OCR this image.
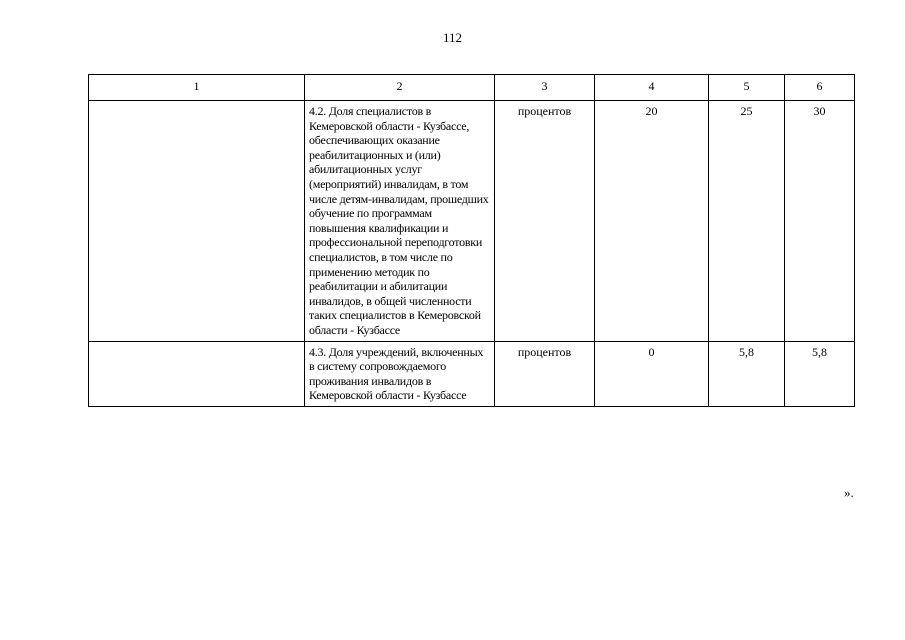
112
1	2	3	4	5	6
	4.2. Доля специалистов в Кемеровской области - Кузбассе, обеспечивающих оказание реабилитационных и (или) абилитационных услуг (мероприятий) инвалидам, в том числе детям-инвалидам, прошедших обучение по программам повышения квалификации и профессиональной переподготовки специалистов, в том числе по применению методик по реабилитации и абилитации инвалидов, в общей численности таких специалистов в Кемеровской области - Кузбассе	процентов	20	25	30
	4.3. Доля учреждений, включенных в систему сопровождаемого проживания инвалидов в Кемеровской области - Кузбассе	процентов	0	5,8	5,8
».
